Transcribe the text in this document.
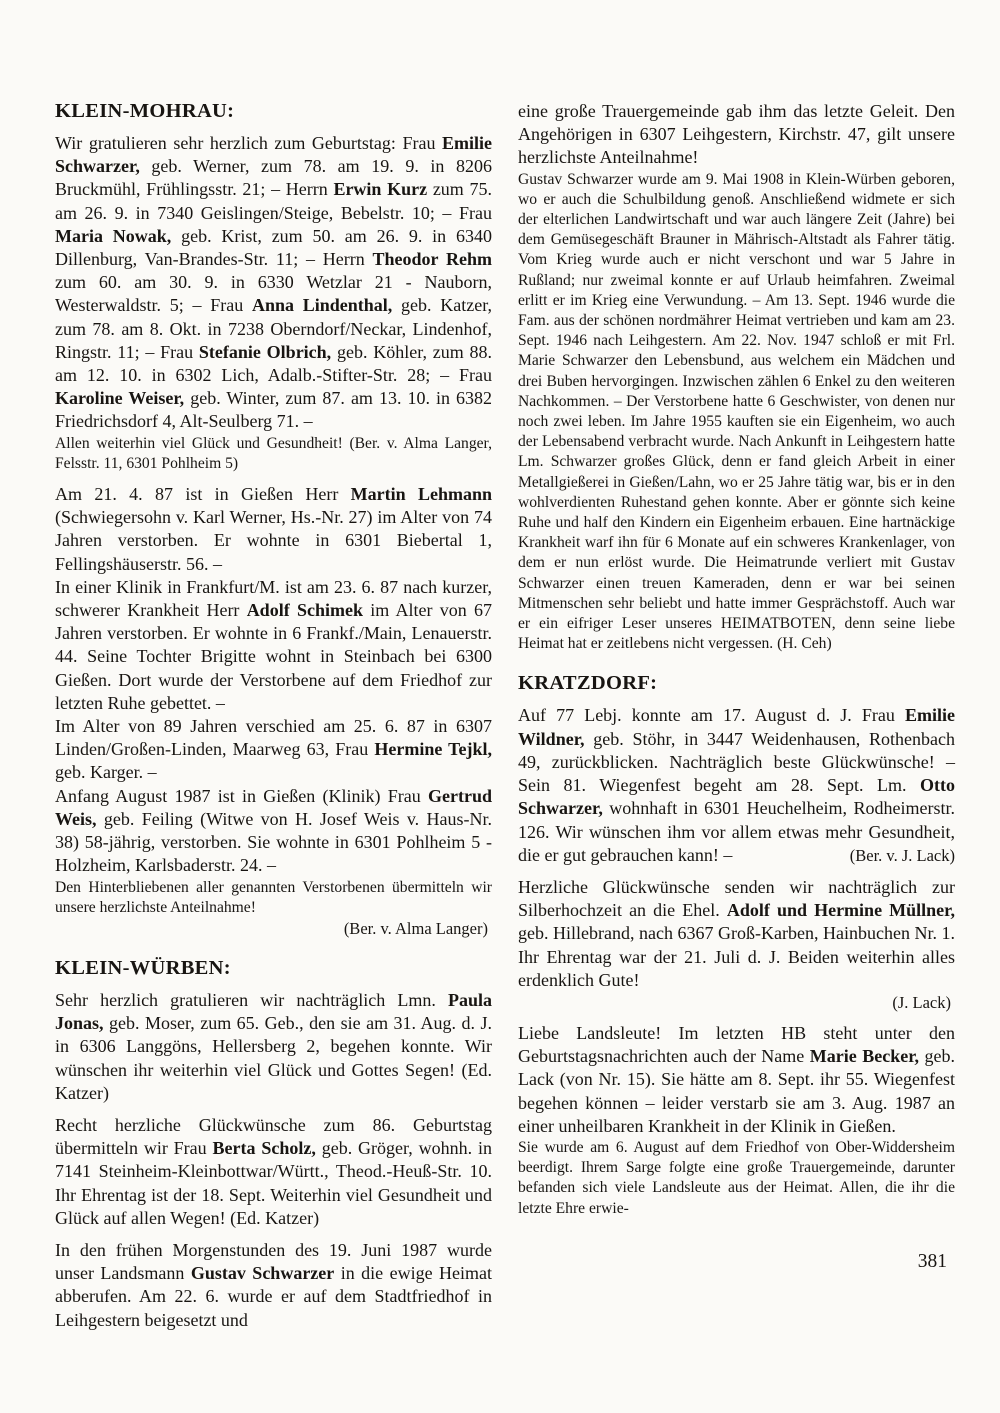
KLEIN-MOHRAU:

Wir gratulieren sehr herzlich zum Geburtstag: Frau Emilie Schwarzer, geb. Werner, zum 78. am 19. 9. in 8206 Bruckmühl, Frühlingsstr. 21; – Herrn Erwin Kurz zum 75. am 26. 9. in 7340 Geislingen/Steige, Bebelstr. 10; – Frau Maria Nowak, geb. Krist, zum 50. am 26. 9. in 6340 Dillenburg, Van-Brandes-Str. 11; – Herrn Theodor Rehm zum 60. am 30. 9. in 6330 Wetzlar 21 - Nauborn, Westerwaldstr. 5; – Frau Anna Lindenthal, geb. Katzer, zum 78. am 8. Okt. in 7238 Oberndorf/Neckar, Lindenhof, Ringstr. 11; – Frau Stefanie Olbrich, geb. Köhler, zum 88. am 12. 10. in 6302 Lich, Adalb.-Stifter-Str. 28; – Frau Karoline Weiser, geb. Winter, zum 87. am 13. 10. in 6382 Friedrichsdorf 4, Alt-Seulberg 71. –

Allen weiterhin viel Glück und Gesundheit! (Ber. v. Alma Langer, Felsstr. 11, 6301 Pohlheim 5)

Am 21. 4. 87 ist in Gießen Herr Martin Lehmann (Schwiegersohn v. Karl Werner, Hs.-Nr. 27) im Alter von 74 Jahren verstorben. Er wohnte in 6301 Biebertal 1, Fellingshäuserstr. 56. –

In einer Klinik in Frankfurt/M. ist am 23. 6. 87 nach kurzer, schwerer Krankheit Herr Adolf Schimek im Alter von 67 Jahren verstorben. Er wohnte in 6 Frankf./Main, Lenauerstr. 44. Seine Tochter Brigitte wohnt in Steinbach bei 6300 Gießen. Dort wurde der Verstorbene auf dem Friedhof zur letzten Ruhe gebettet. –

Im Alter von 89 Jahren verschied am 25. 6. 87 in 6307 Linden/Großen-Linden, Maarweg 63, Frau Hermine Tejkl, geb. Karger. –

Anfang August 1987 ist in Gießen (Klinik) Frau Gertrud Weis, geb. Feiling (Witwe von H. Josef Weis v. Haus-Nr. 38) 58-jährig, verstorben. Sie wohnte in 6301 Pohlheim 5 - Holzheim, Karlsbaderstr. 24. –

Den Hinterbliebenen aller genannten Verstorbenen übermitteln wir unsere herzlichste Anteilnahme!

(Ber. v. Alma Langer)

KLEIN-WÜRBEN:

Sehr herzlich gratulieren wir nachträglich Lmn. Paula Jonas, geb. Moser, zum 65. Geb., den sie am 31. Aug. d. J. in 6306 Langgöns, Hellersberg 2, begehen konnte. Wir wünschen ihr weiterhin viel Glück und Gottes Segen! (Ed. Katzer)

Recht herzliche Glückwünsche zum 86. Geburtstag übermitteln wir Frau Berta Scholz, geb. Gröger, wohnh. in 7141 Steinheim-Kleinbottwar/Württ., Theod.-Heuß-Str. 10. Ihr Ehrentag ist der 18. Sept. Weiterhin viel Gesundheit und Glück auf allen Wegen! (Ed. Katzer)

In den frühen Morgenstunden des 19. Juni 1987 wurde unser Landsmann Gustav Schwarzer in die ewige Heimat abberufen. Am 22. 6. wurde er auf dem Stadtfriedhof in Leihgestern beigesetzt und

eine große Trauergemeinde gab ihm das letzte Geleit. Den Angehörigen in 6307 Leihgestern, Kirchstr. 47, gilt unsere herzlichste Anteilnahme!

Gustav Schwarzer wurde am 9. Mai 1908 in Klein-Würben geboren, wo er auch die Schulbildung genoß. Anschließend widmete er sich der elterlichen Landwirtschaft und war auch längere Zeit (Jahre) bei dem Gemüsegeschäft Brauner in Mährisch-Altstadt als Fahrer tätig. Vom Krieg wurde auch er nicht verschont und war 5 Jahre in Rußland; nur zweimal konnte er auf Urlaub heimfahren. Zweimal erlitt er im Krieg eine Verwundung. – Am 13. Sept. 1946 wurde die Fam. aus der schönen nordmährer Heimat vertrieben und kam am 23. Sept. 1946 nach Leihgestern. Am 22. Nov. 1947 schloß er mit Frl. Marie Schwarzer den Lebensbund, aus welchem ein Mädchen und drei Buben hervorgingen. Inzwischen zählen 6 Enkel zu den weiteren Nachkommen. – Der Verstorbene hatte 6 Geschwister, von denen nur noch zwei leben. Im Jahre 1955 kauften sie ein Eigenheim, wo auch der Lebensabend verbracht wurde. Nach Ankunft in Leihgestern hatte Lm. Schwarzer großes Glück, denn er fand gleich Arbeit in einer Metallgießerei in Gießen/Lahn, wo er 25 Jahre tätig war, bis er in den wohlverdienten Ruhestand gehen konnte. Aber er gönnte sich keine Ruhe und half den Kindern ein Eigenheim erbauen. Eine hartnäckige Krankheit warf ihn für 6 Monate auf ein schweres Krankenlager, von dem er nun erlöst wurde. Die Heimatrunde verliert mit Gustav Schwarzer einen treuen Kameraden, denn er war bei seinen Mitmenschen sehr beliebt und hatte immer Gesprächstoff. Auch war er ein eifriger Leser unseres HEIMATBOTEN, denn seine liebe Heimat hat er zeitlebens nicht vergessen. (H. Ceh)

KRATZDORF:

Auf 77 Lebj. konnte am 17. August d. J. Frau Emilie Wildner, geb. Stöhr, in 3447 Weidenhausen, Rothenbach 49, zurückblicken. Nachträglich beste Glückwünsche! – Sein 81. Wiegenfest begeht am 28. Sept. Lm. Otto Schwarzer, wohnhaft in 6301 Heuchelheim, Rodheimerstr. 126. Wir wünschen ihm vor allem etwas mehr Gesundheit, die er gut gebrauchen kann! –	(Ber. v. J. Lack)

Herzliche Glückwünsche senden wir nachträglich zur Silberhochzeit an die Ehel. Adolf und Hermine Müllner, geb. Hillebrand, nach 6367 Groß-Karben, Hainbuchen Nr. 1. Ihr Ehrentag war der 21. Juli d. J. Beiden weiterhin alles erdenklich Gute!

(J. Lack)

Liebe Landsleute! Im letzten HB steht unter den Geburtstagsnachrichten auch der Name Marie Becker, geb. Lack (von Nr. 15). Sie hätte am 8. Sept. ihr 55. Wiegenfest begehen können – leider verstarb sie am 3. Aug. 1987 an einer unheilbaren Krankheit in der Klinik in Gießen.

Sie wurde am 6. August auf dem Friedhof von Ober-Widdersheim beerdigt. Ihrem Sarge folgte eine große Trauergemeinde, darunter befanden sich viele Landsleute aus der Heimat. Allen, die ihr die letzte Ehre erwie-

381
